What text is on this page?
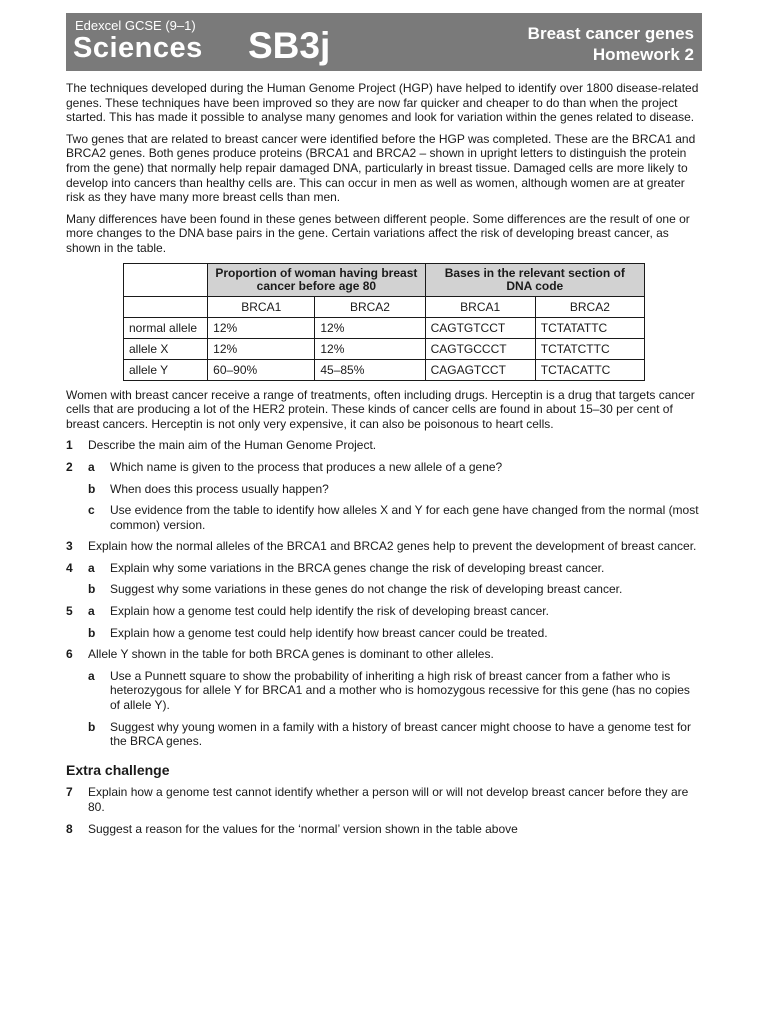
Edexcel GCSE (9–1)
Sciences SB3j	Breast cancer genes
Homework 2

The techniques developed during the Human Genome Project (HGP) have helped to identify over 1800 disease-related genes. These techniques have been improved so they are now far quicker and cheaper to do than when the project started. This has made it possible to analyse many genomes and look for variation within the genes related to disease.

Two genes that are related to breast cancer were identified before the HGP was completed. These are the BRCA1 and BRCA2 genes. Both genes produce proteins (BRCA1 and BRCA2 – shown in upright letters to distinguish the protein from the gene) that normally help repair damaged DNA, particularly in breast tissue. Damaged cells are more likely to develop into cancers than healthy cells are. This can occur in men as well as women, although women are at greater risk as they have many more breast cells than men.

Many differences have been found in these genes between different people. Some differences are the result of one or more changes to the DNA base pairs in the gene. Certain variations affect the risk of developing breast cancer, as shown in the table.

	Proportion of woman having breast cancer before age 80		Bases in the relevant section of DNA code	
	BRCA1	BRCA2	BRCA1	BRCA2
normal allele	12%	12%	CAGTGTCCT	TCTATATTC
allele X	12%	12%	CAGTGCCCT	TCTATCTTC
allele Y	60–90%	45–85%	CAGAGTCCT	TCTACATTC

Women with breast cancer receive a range of treatments, often including drugs. Herceptin is a drug that targets cancer cells that are producing a lot of the HER2 protein. These kinds of cancer cells are found in about 15–30 per cent of breast cancers. Herceptin is not only very expensive, it can also be poisonous to heart cells.

1 Describe the main aim of the Human Genome Project.
2 a Which name is given to the process that produces a new allele of a gene?
b When does this process usually happen?
c Use evidence from the table to identify how alleles X and Y for each gene have changed from the normal (most common) version.
3 Explain how the normal alleles of the BRCA1 and BRCA2 genes help to prevent the development of breast cancer.
4 a Explain why some variations in the BRCA genes change the risk of developing breast cancer.
b Suggest why some variations in these genes do not change the risk of developing breast cancer.
5 a Explain how a genome test could help identify the risk of developing breast cancer.
b Explain how a genome test could help identify how breast cancer could be treated.
6 Allele Y shown in the table for both BRCA genes is dominant to other alleles.
a Use a Punnett square to show the probability of inheriting a high risk of breast cancer from a father who is heterozygous for allele Y for BRCA1 and a mother who is homozygous recessive for this gene (has no copies of allele Y).
b Suggest why young women in a family with a history of breast cancer might choose to have a genome test for the BRCA genes.
Extra challenge
7 Explain how a genome test cannot identify whether a person will or will not develop breast cancer before they are 80.
8 Suggest a reason for the values for the ‘normal’ version shown in the table above
